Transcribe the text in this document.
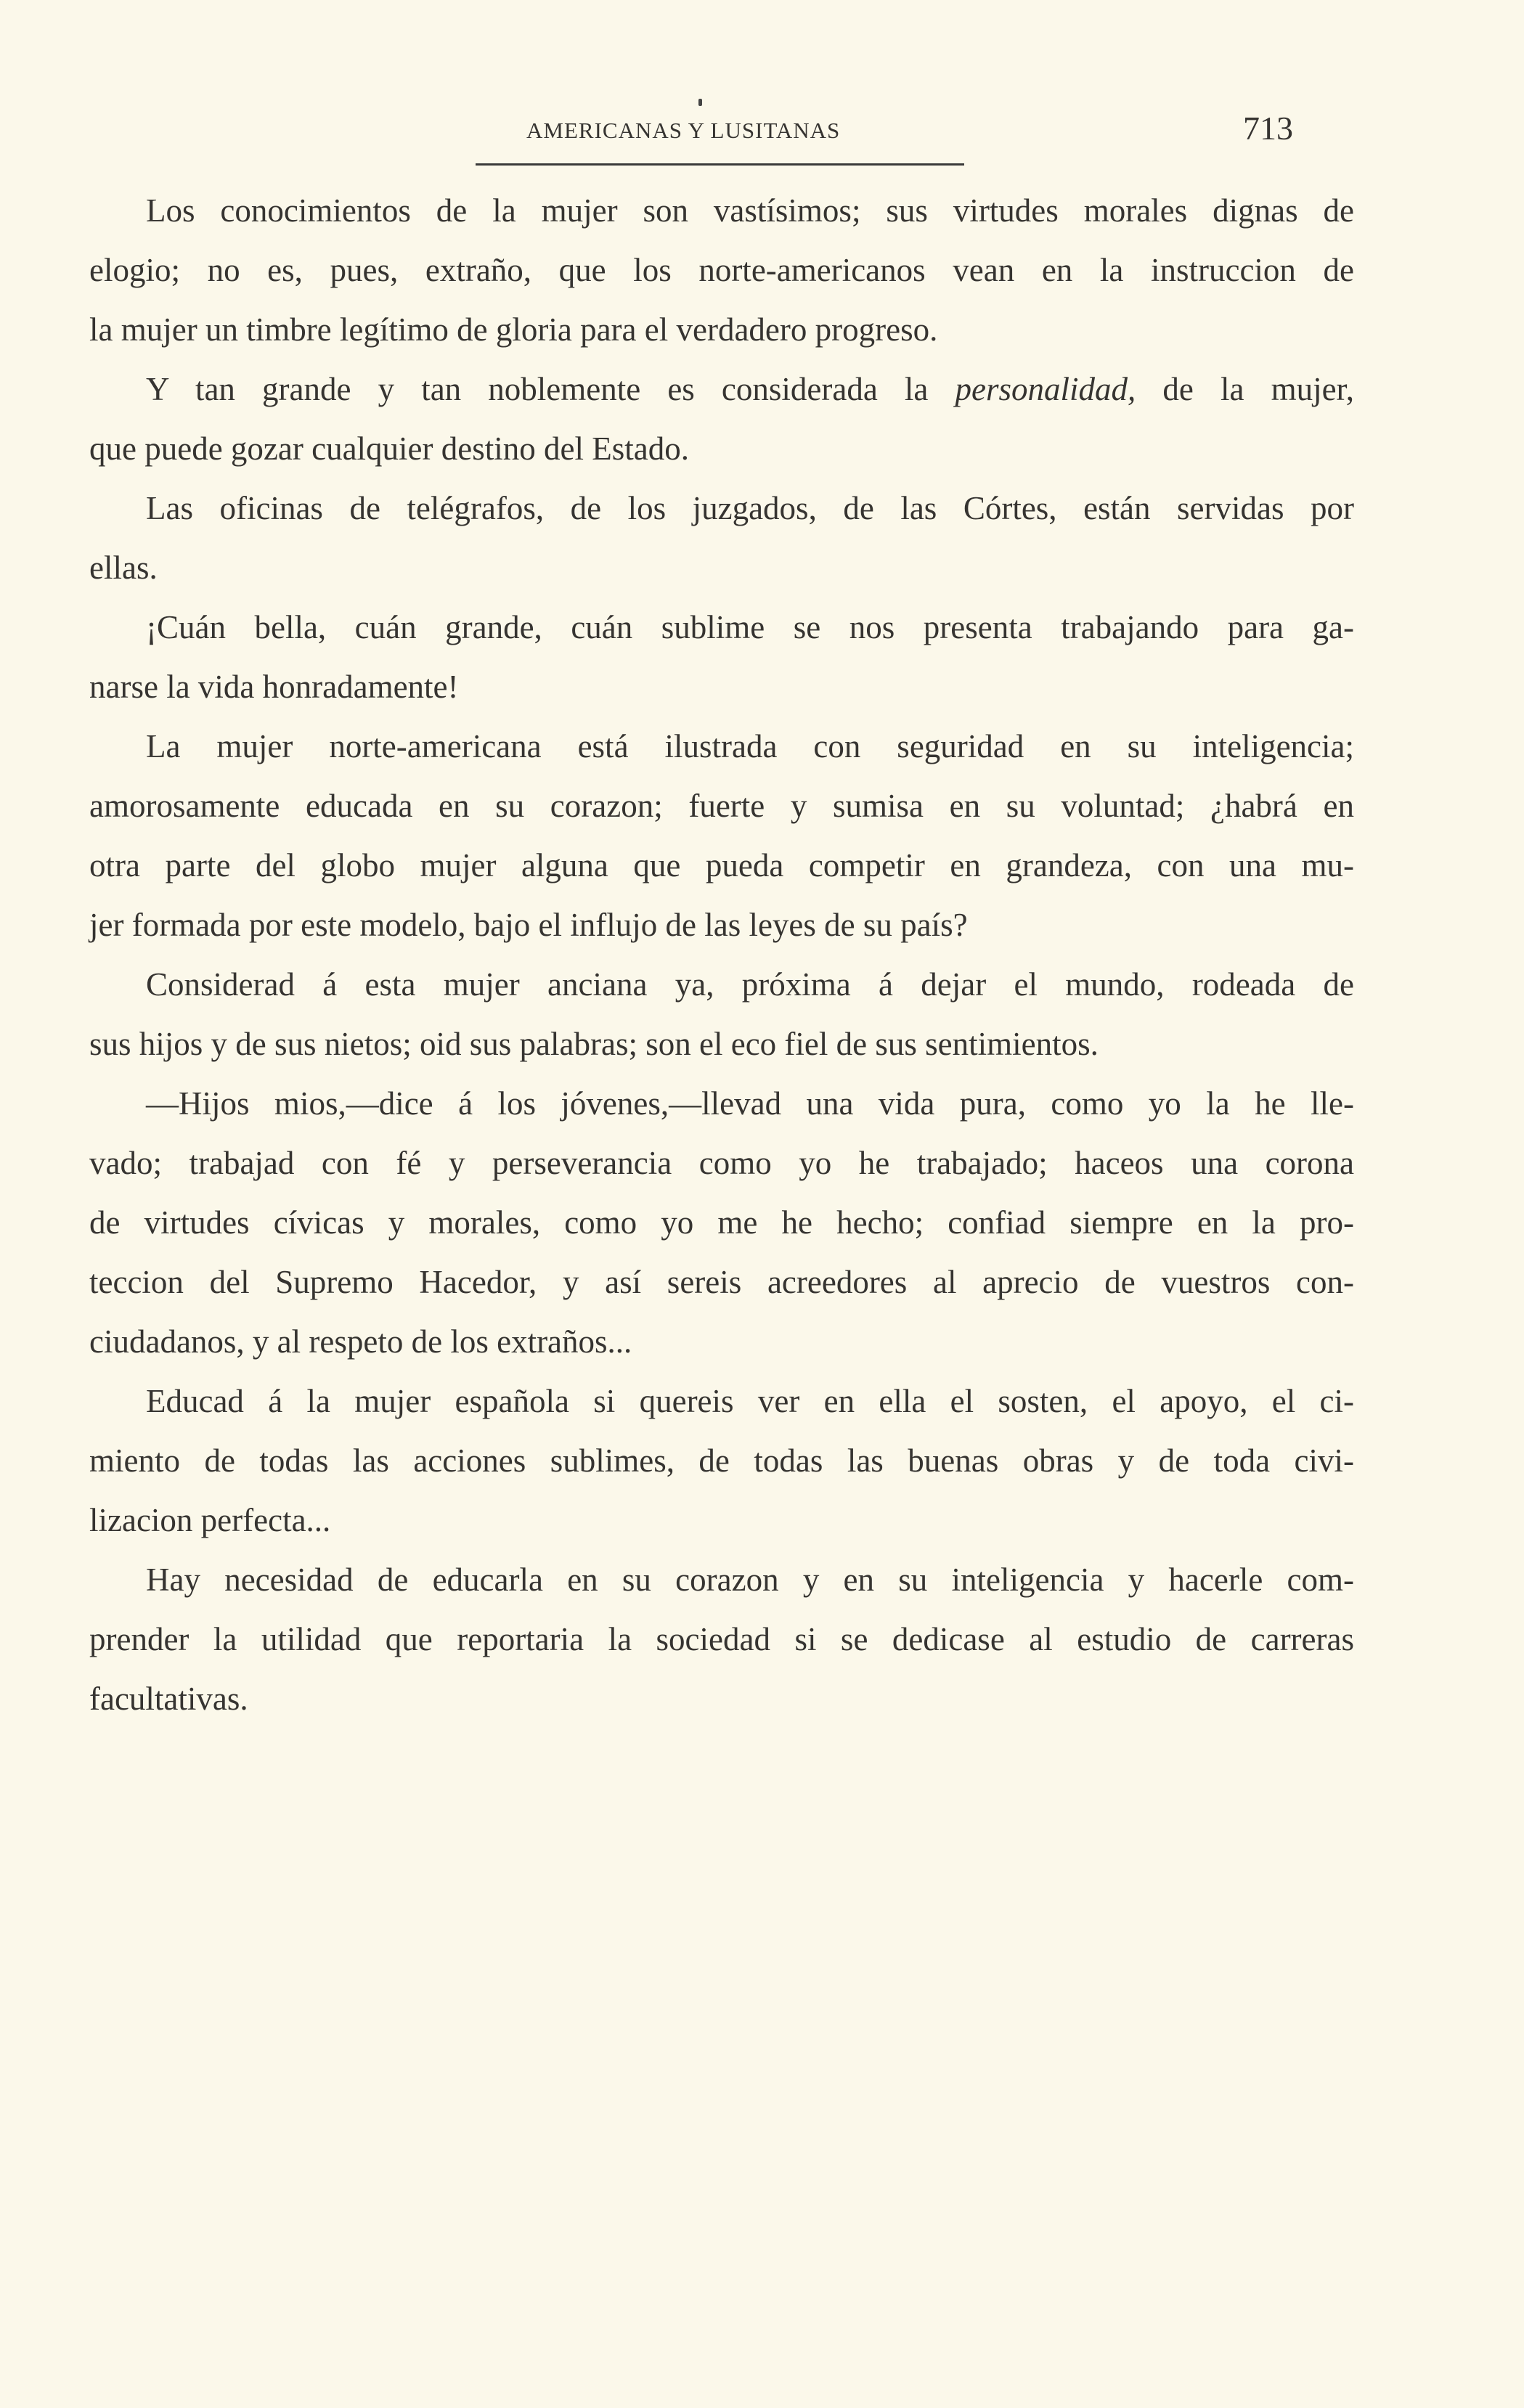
AMERICANAS Y LUSITANAS	713
Los conocimientos de la mujer son vastísimos; sus virtudes morales dignas de
elogio; no es, pues, extraño, que los norte-americanos vean en la instruccion de
la mujer un timbre legítimo de gloria para el verdadero progreso.
Y tan grande y tan noblemente es considerada la personalidad, de la mujer,
que puede gozar cualquier destino del Estado.
Las oficinas de telégrafos, de los juzgados, de las Córtes, están servidas por
ellas.
¡Cuán bella, cuán grande, cuán sublime se nos presenta trabajando para ga-
narse la vida honradamente!
La mujer norte-americana está ilustrada con seguridad en su inteligencia;
amorosamente educada en su corazon; fuerte y sumisa en su voluntad; ¿habrá en
otra parte del globo mujer alguna que pueda competir en grandeza, con una mu-
jer formada por este modelo, bajo el influjo de las leyes de su país?
Considerad á esta mujer anciana ya, próxima á dejar el mundo, rodeada de
sus hijos y de sus nietos; oid sus palabras; son el eco fiel de sus sentimientos.
—Hijos mios,—dice á los jóvenes,—llevad una vida pura, como yo la he lle-
vado; trabajad con fé y perseverancia como yo he trabajado; haceos una corona
de virtudes cívicas y morales, como yo me he hecho; confiad siempre en la pro-
teccion del Supremo Hacedor, y así sereis acreedores al aprecio de vuestros con-
ciudadanos, y al respeto de los extraños...
Educad á la mujer española si quereis ver en ella el sosten, el apoyo, el ci-
miento de todas las acciones sublimes, de todas las buenas obras y de toda civi-
lizacion perfecta...
Hay necesidad de educarla en su corazon y en su inteligencia y hacerle com-
prender la utilidad que reportaria la sociedad si se dedicase al estudio de carreras
facultativas.
